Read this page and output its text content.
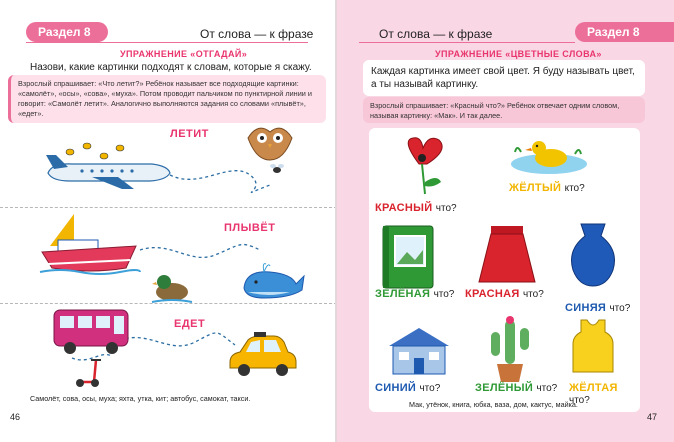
Раздел 8	От слова — к фразе
УПРАЖНЕНИЕ «ОТГАДАЙ»
Назови, какие картинки подходят к словам, которые я скажу.
Взрослый спрашивает: «Что летит?» Ребёнок называет все подходящие картинки: «самолёт», «осы», «сова», «муха». Потом проводит пальчиком по пунктирной линии и говорит: «Самолёт летит». Аналогично выполняются задания со словами «плывёт», «едет».
ЛЕТИТ
ПЛЫВЁТ
ЕДЕТ
Самолёт, сова, осы, муха; яхта, утка, кит; автобус, самокат, такси.
46
От слова — к фразе	Раздел 8
УПРАЖНЕНИЕ «ЦВЕТНЫЕ СЛОВА»
Каждая картинка имеет свой цвет. Я буду называть цвет, а ты называй картинку.
Взрослый спрашивает: «Красный что?» Ребёнок отвечает одним словом, называя картинку: «Мак». И так далее.
ЖЁЛТЫЙ кто?
КРАСНЫЙ что?
ЗЕЛЁНАЯ что? КРАСНАЯ что?
СИНЯЯ что?
СИНИЙ что?	ЗЕЛЁНЫЙ что? ЖЁЛТАЯ что?
Мак, утёнок, книга, юбка, ваза, дом, кактус, майка.
47
